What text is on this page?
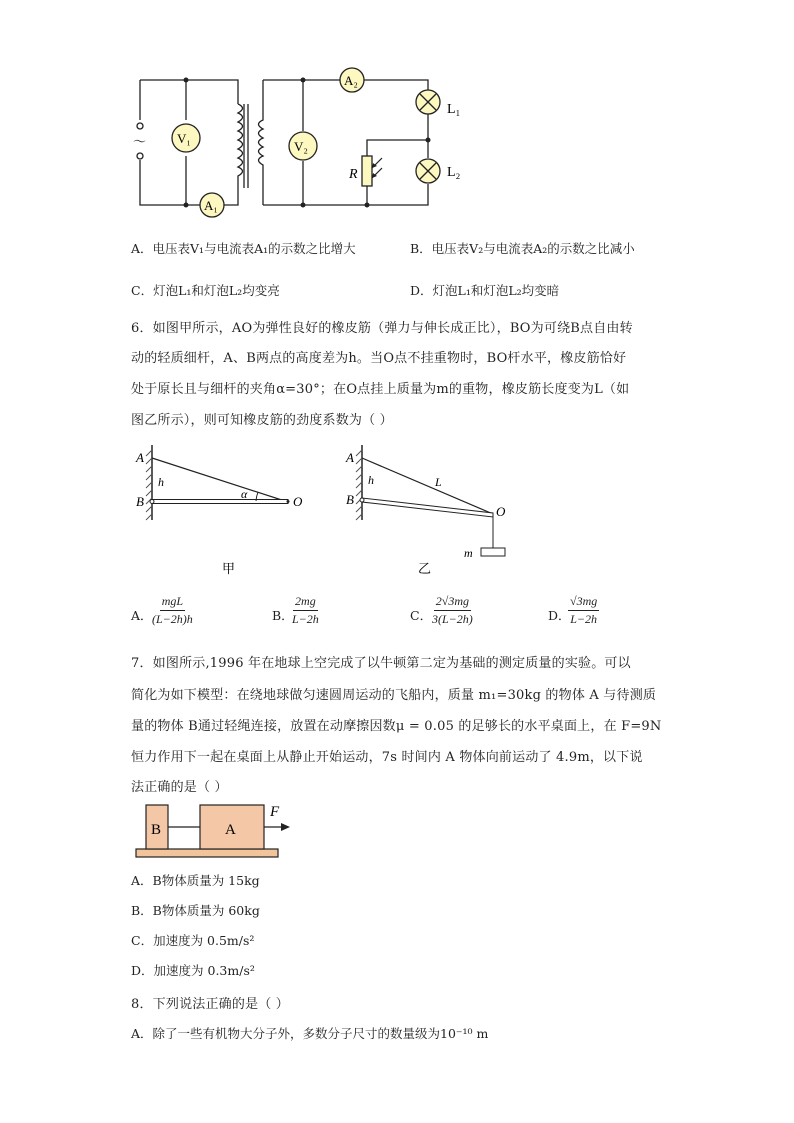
～ V₁
A₁
V₂
A₂
L₁
L₂
R
A．电压表V₁与电流表A₁的示数之比增大	B．电压表V₂与电流表A₂的示数之比减小
C．灯泡L₁和灯泡L₂均变亮	D．灯泡L₁和灯泡L₂均变暗
6．如图甲所示，AO为弹性良好的橡皮筋（弹力与伸长成正比），BO为可绕B点自由转
动的轻质细杆，A、B两点的高度差为h。当O点不挂重物时，BO杆水平，橡皮筋恰好
处于原长且与细杆的夹角α=30°；在O点挂上质量为m的重物，橡皮筋长度变为L（如
图乙所示），则可知橡皮筋的劲度系数为（ ）
A
B	O
h
α
甲
A
B
O
h	L
m
乙
A．
mgL
(L−2h)h	B．
$\frac{2mg}{L-2h}$	C． $\frac{2√3mg}{3(L-2h)}$	D．
$\frac{√3mg}{L-2h}$
7．如图所示,1996 年在地球上空完成了以牛顿第二定为基础的测定质量的实验。可以
简化为如下模型：在绕地球做匀速圆周运动的飞船内，质量 m₁=30kg 的物体 A 与待测质
量的物体 B通过轻绳连接，放置在动摩擦因数μ = 0.05 的足够长的水平桌面上，在 F=9N
恒力作用下一起在桌面上从静止开始运动，7s 时间内 A 物体向前运动了 4.9m，以下说
法正确的是（ ）
B	A
F
A．B物体质量为 15kg
B．B物体质量为 60kg
C．加速度为 0.5m/s²
D．加速度为 0.3m/s²
8．下列说法正确的是（ ）
A．除了一些有机物大分子外，多数分子尺寸的数量级为10⁻¹⁰ m
